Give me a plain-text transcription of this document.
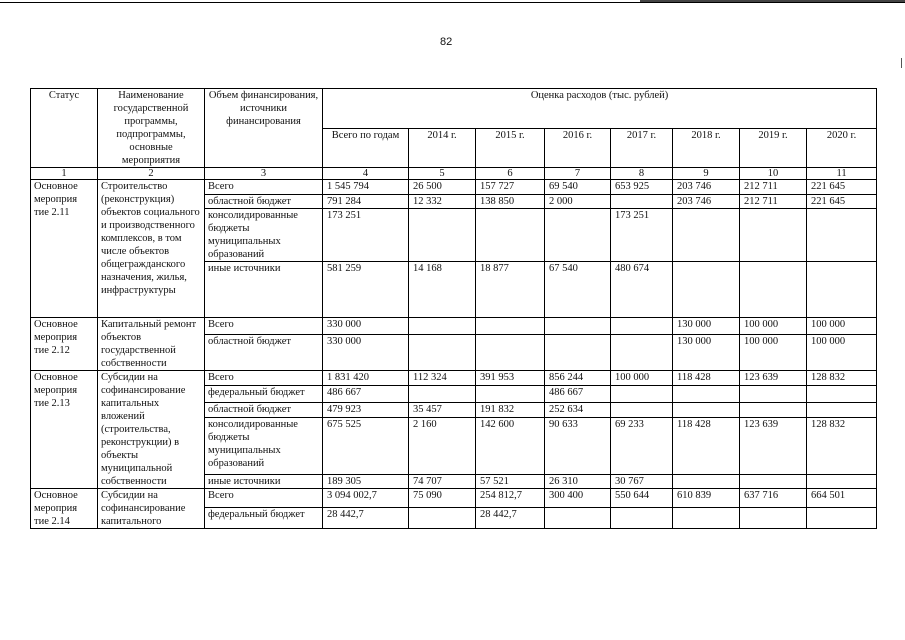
82
Статус	Наименование государственной программы, подпрограммы, основные мероприятия	Объем финансирования, источники финансирования	Оценка расходов (тыс. рублей)							
			Всего по годам	2014 г.	2015 г.	2016 г.	2017 г.	2018 г.	2019 г.	2020 г.
1	2	3	4	5	6	7	8	9	10	11
Основное мероприя тие 2.11	Строительство (реконструкция) объектов социального и производственного комплексов, в том числе объектов общегражданского назначения, жилья, инфраструктуры	Всего	1 545 794	26 500	157 727	69 540	653 925	203 746	212 711	221 645
		областной бюджет	791 284	12 332	138 850	2 000		203 746	212 711	221 645
		консолидированные бюджеты муниципальных образований	173 251				173 251			
		иные источники	581 259	14 168	18 877	67 540	480 674			
Основное мероприя тие 2.12	Капитальный ремонт объектов государственной собственности	Всего	330 000					130 000	100 000	100 000
		областной бюджет	330 000					130 000	100 000	100 000
Основное мероприя тие 2.13	Субсидии на софинансирование капитальных вложений (строительства, реконструкции) в объекты муниципальной собственности	Всего	1 831 420	112 324	391 953	856 244	100 000	118 428	123 639	128 832
		федеральный бюджет	486 667			486 667				
		областной бюджет	479 923	35 457	191 832	252 634				
		консолидированные бюджеты муниципальных образований	675 525	2 160	142 600	90 633	69 233	118 428	123 639	128 832
		иные источники	189 305	74 707	57 521	26 310	30 767			
Основное мероприя тие 2.14	Субсидии на софинансирование капитального	Всего	3 094 002,7	75 090	254 812,7	300 400	550 644	610 839	637 716	664 501
		федеральный бюджет	28 442,7		28 442,7					
